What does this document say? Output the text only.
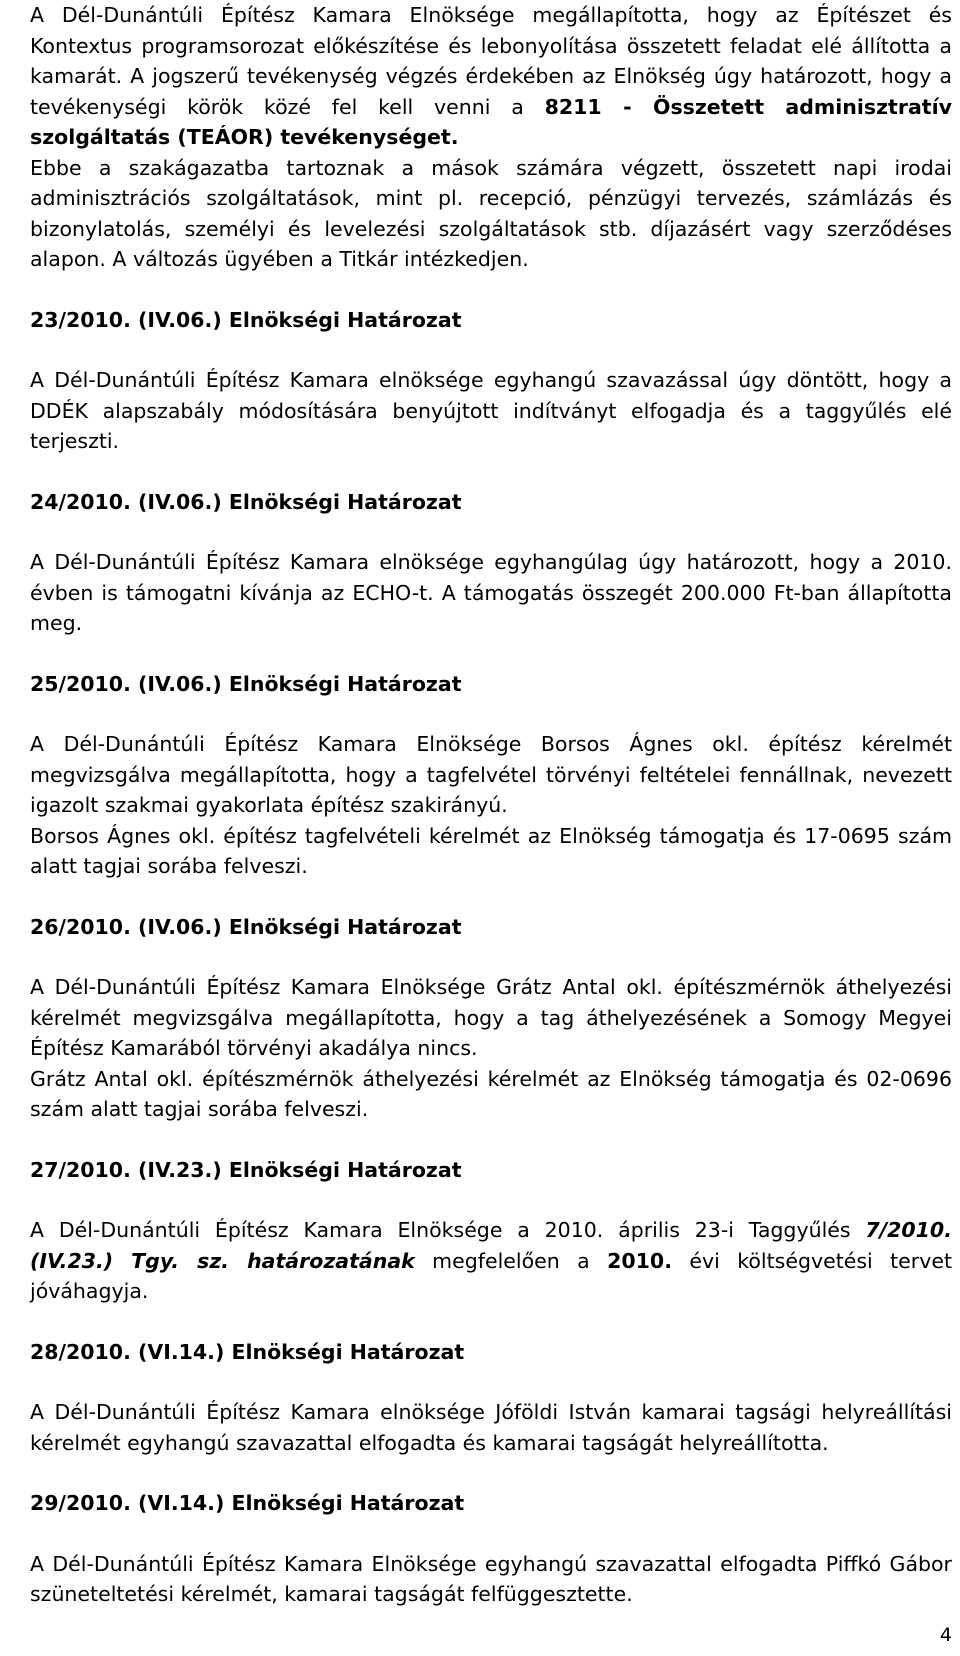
A Dél-Dunántúli Építész Kamara Elnöksége megállapította, hogy az Építészet és Kontextus programsorozat előkészítése és lebonyolítása összetett feladat elé állította a kamarát. A jogszerű tevékenység végzés érdekében az Elnökség úgy határozott, hogy a tevékenységi körök közé fel kell venni a 8211 - Összetett adminisztratív szolgáltatás (TEÁOR) tevékenységet.

Ebbe a szakágazatba tartoznak a mások számára végzett, összetett napi irodai adminisztrációs szolgáltatások, mint pl. recepció, pénzügyi tervezés, számlázás és bizonylatolás, személyi és levelezési szolgáltatások stb. díjazásért vagy szerződéses alapon. A változás ügyében a Titkár intézkedjen.

23/2010. (IV.06.) Elnökségi Határozat

A Dél-Dunántúli Építész Kamara elnöksége egyhangú szavazással úgy döntött, hogy a DDÉK alapszabály módosítására benyújtott indítványt elfogadja és a taggyűlés elé terjeszti.

24/2010. (IV.06.) Elnökségi Határozat

A Dél-Dunántúli Építész Kamara elnöksége egyhangúlag úgy határozott, hogy a 2010. évben is támogatni kívánja az ECHO-t. A támogatás összegét 200.000 Ft-ban állapította meg.

25/2010. (IV.06.) Elnökségi Határozat

A Dél-Dunántúli Építész Kamara Elnöksége Borsos Ágnes okl. építész kérelmét megvizsgálva megállapította, hogy a tagfelvétel törvényi feltételei fennállnak, nevezett igazolt szakmai gyakorlata építész szakirányú.

Borsos Ágnes okl. építész tagfelvételi kérelmét az Elnökség támogatja és 17-0695 szám alatt tagjai sorába felveszi.

26/2010. (IV.06.) Elnökségi Határozat

A Dél-Dunántúli Építész Kamara Elnöksége Grátz Antal okl. építészmérnök áthelyezési kérelmét megvizsgálva megállapította, hogy a tag áthelyezésének a Somogy Megyei Építész Kamarából törvényi akadálya nincs.

Grátz Antal okl. építészmérnök áthelyezési kérelmét az Elnökség támogatja és 02-0696 szám alatt tagjai sorába felveszi.

27/2010. (IV.23.) Elnökségi Határozat

A Dél-Dunántúli Építész Kamara Elnöksége a 2010. április 23-i Taggyűlés 7/2010. (IV.23.) Tgy. sz. határozatának megfelelően a 2010. évi költségvetési tervet jóváhagyja.

28/2010. (VI.14.) Elnökségi Határozat

A Dél-Dunántúli Építész Kamara elnöksége Jóföldi István kamarai tagsági helyreállítási kérelmét egyhangú szavazattal elfogadta és kamarai tagságát helyreállította.

29/2010. (VI.14.) Elnökségi Határozat

A Dél-Dunántúli Építész Kamara Elnöksége egyhangú szavazattal elfogadta Piffkó Gábor szüneteltetési kérelmét, kamarai tagságát felfüggesztette.

4
